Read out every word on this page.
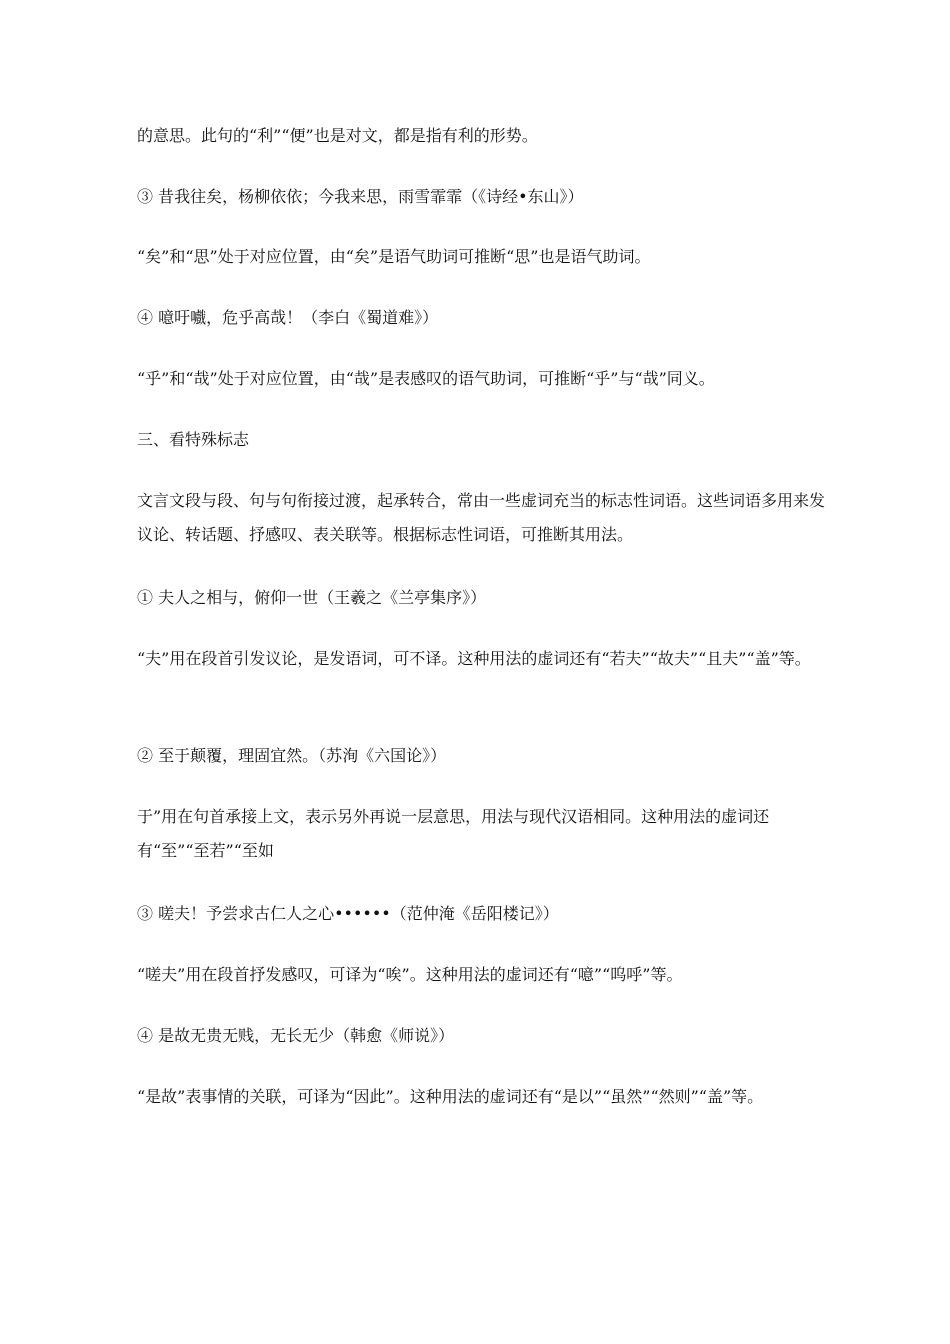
的意思。此句的“利”“便”也是对文，都是指有利的形势。

③ 昔我往矣，杨柳依依；今我来思，雨雪霏霏（《诗经•东山》）

“矣”和“思”处于对应位置，由“矣”是语气助词可推断“思”也是语气助词。

④ 噫吁嚱，危乎高哉！（李白《蜀道难》）

“乎”和“哉”处于对应位置，由“哉”是表感叹的语气助词，可推断“乎”与“哉”同义。

三、看特殊标志

文言文段与段、句与句衔接过渡，起承转合，常由一些虚词充当的标志性词语。这些词语多用来发议论、转话题、抒感叹、表关联等。根据标志性词语，可推断其用法。

① 夫人之相与，俯仰一世（王羲之《兰亭集序》）

“夫”用在段首引发议论，是发语词，可不译。这种用法的虚词还有“若夫”“故夫”“且夫”“盖”等。

② 至于颠覆，理固宜然。（苏洵《六国论》）

于”用在句首承接上文，表示另外再说一层意思，用法与现代汉语相同。这种用法的虚词还有“至”“至若”“至如

③ 嗟夫！予尝求古仁人之心••••••（范仲淹《岳阳楼记》）

“嗟夫”用在段首抒发感叹，可译为“唉”。这种用法的虚词还有“噫”“呜呼”等。

④ 是故无贵无贱，无长无少（韩愈《师说》）

“是故”表事情的关联，可译为“因此”。这种用法的虚词还有“是以”“虽然”“然则”“盖”等。
